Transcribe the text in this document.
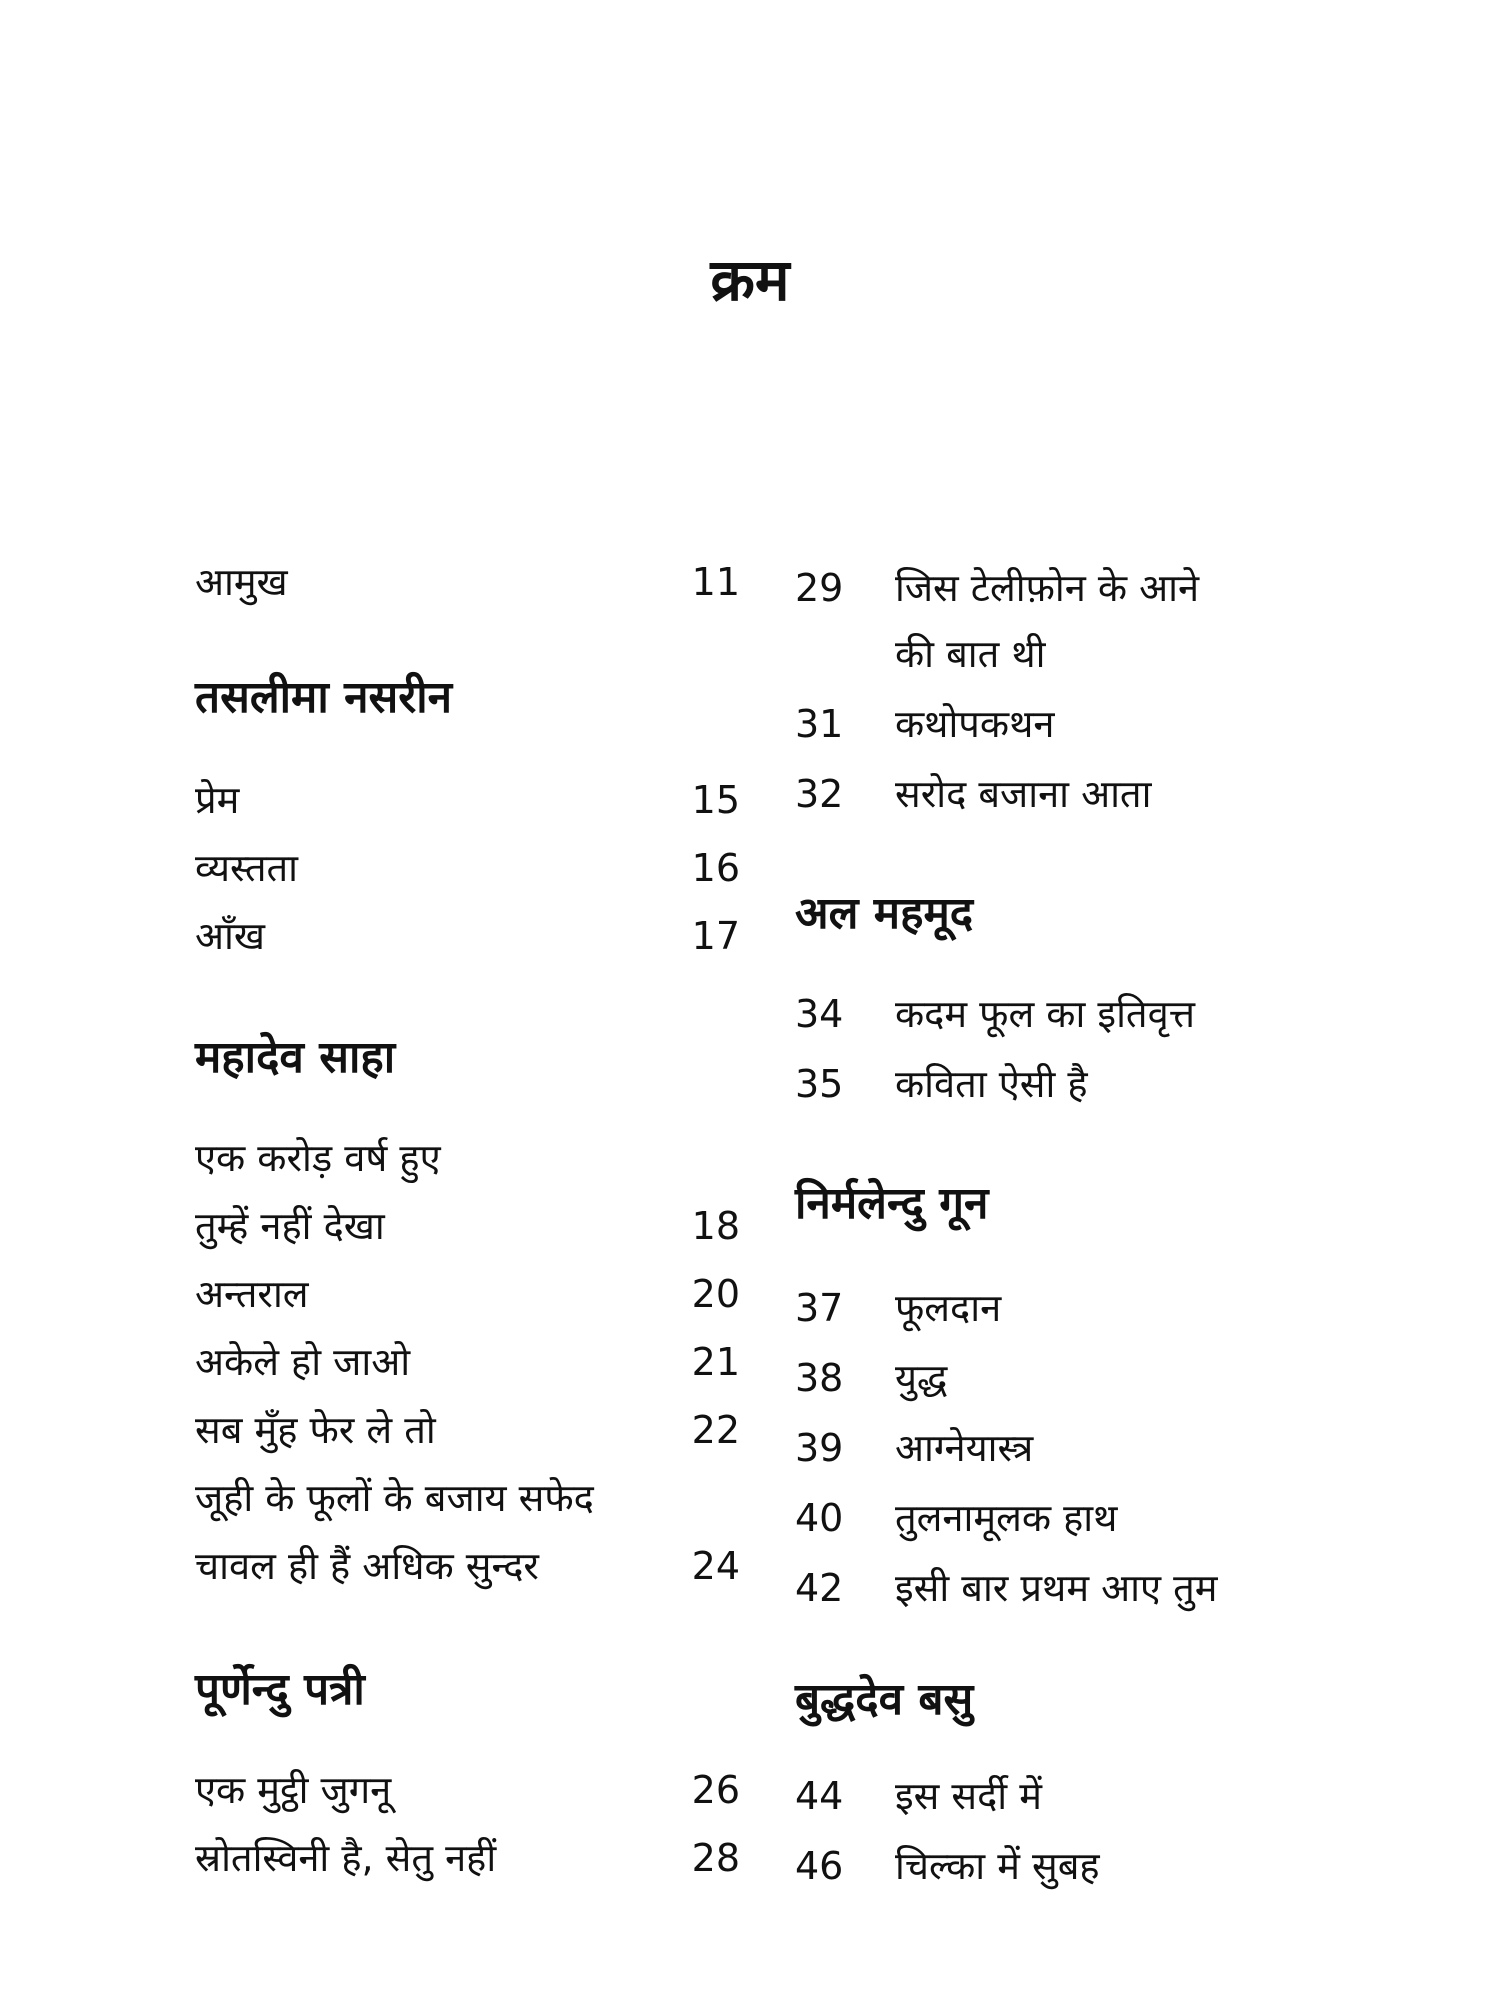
क्रम
आमुख	11
तसलीमा नसरीन
प्रेम	15
व्यस्तता	16
आँख	17
महादेव साहा
एक करोड़ वर्ष हुए
तुम्हें नहीं देखा	18
अन्तराल	20
अकेले हो जाओ	21
सब मुँह फेर ले तो	22
जूही के फूलों के बजाय सफेद
चावल ही हैं अधिक सुन्दर	24
पूर्णेन्दु पत्री
एक मुट्ठी जुगनू	26
स्रोतस्विनी है, सेतु नहीं	28
29 जिस टेलीफ़ोन के आने
की बात थी
31 कथोपकथन
32 सरोद बजाना आता
अल महमूद
34 कदम फूल का इतिवृत्त
35 कविता ऐसी है
निर्मलेन्दु गून
37 फूलदान
38 युद्ध
39 आग्नेयास्त्र
40 तुलनामूलक हाथ
42 इसी बार प्रथम आए तुम
बुद्धदेव बसु
44 इस सर्दी में
46 चिल्का में सुबह
